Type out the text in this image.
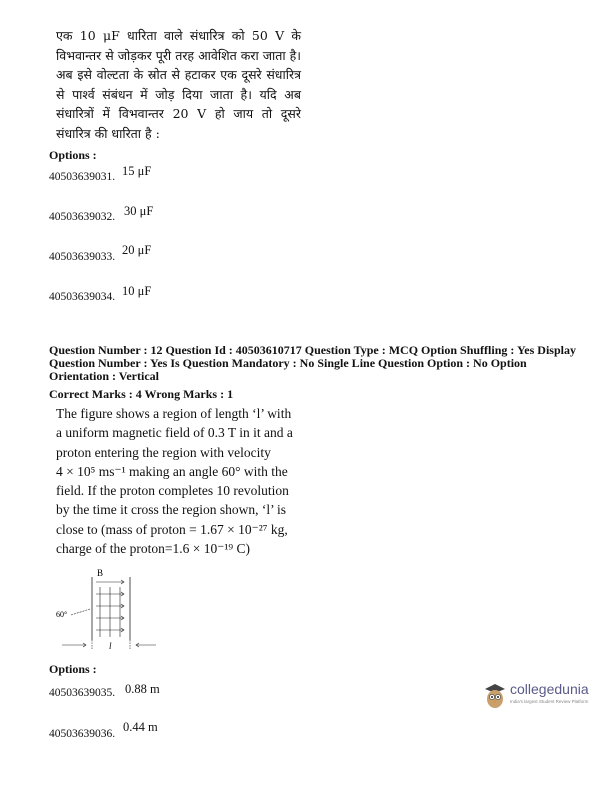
एक 10 μF धारिता वाले संधारित्र को 50 V के विभवान्तर से जोड़कर पूरी तरह आवेशित करा जाता है। अब इसे वोल्टता के स्रोत से हटाकर एक दूसरे संधारित्र से पार्श्व संबंधन में जोड़ दिया जाता है। यदि अब संधारित्रों में विभवान्तर 20 V हो जाय तो दूसरे संधारित्र की धारिता है :
Options :
40503639031. 15 μF
40503639032. 30 μF
40503639033. 20 μF
40503639034. 10 μF
Question Number : 12 Question Id : 40503610717 Question Type : MCQ Option Shuffling : Yes Display Question Number : Yes Is Question Mandatory : No Single Line Question Option : No Option Orientation : Vertical
Correct Marks : 4 Wrong Marks : 1
The figure shows a region of length ‘l’ with
a uniform magnetic field of 0.3 T in it and a
proton entering the region with velocity
4 × 10⁵ ms⁻¹ making an angle 60° with the
field. If the proton completes 10 revolution
by the time it cross the region shown, ‘l’ is
close to (mass of proton = 1.67 × 10⁻²⁷ kg,
charge of the proton=1.6 × 10⁻¹⁹ C)
B
60°
l
Options :
40503639035. 0.88 m
40503639036. 0.44 m
collegedunia
India's largest Student Review Platform
